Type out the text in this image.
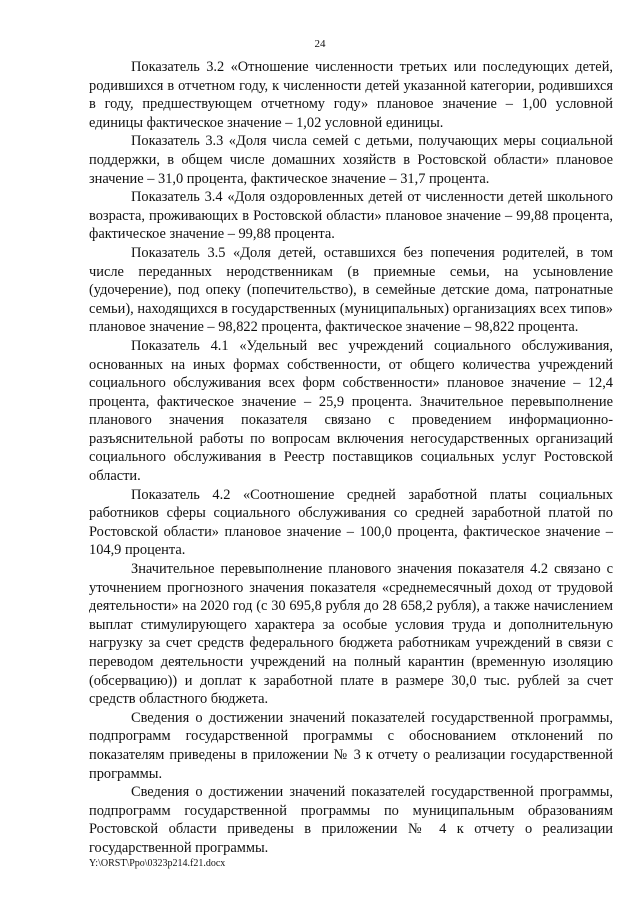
24

Показатель 3.2 «Отношение численности третьих или последующих детей, родившихся в отчетном году, к численности детей указанной категории, родившихся в году, предшествующем отчетному году» плановое значение – 1,00 условной единицы фактическое значение – 1,02 условной единицы.

Показатель 3.3 «Доля числа семей с детьми, получающих меры социальной поддержки, в общем числе домашних хозяйств в Ростовской области» плановое значение – 31,0 процента, фактическое значение – 31,7 процента.

Показатель 3.4 «Доля оздоровленных детей от численности детей школьного возраста, проживающих в Ростовской области» плановое значение – 99,88 процента, фактическое значение – 99,88 процента.

Показатель 3.5 «Доля детей, оставшихся без попечения родителей, в том числе переданных неродственникам (в приемные семьи, на усыновление (удочерение), под опеку (попечительство), в семейные детские дома, патронатные семьи), находящихся в государственных (муниципальных) организациях всех типов» плановое значение – 98,822 процента, фактическое значение – 98,822 процента.

Показатель 4.1 «Удельный вес учреждений социального обслуживания, основанных на иных формах собственности, от общего количества учреждений социального обслуживания всех форм собственности» плановое значение – 12,4 процента, фактическое значение – 25,9 процента. Значительное перевыполнение планового значения показателя связано с проведением информационно-разъяснительной работы по вопросам включения негосударственных организаций социального обслуживания в Реестр поставщиков социальных услуг Ростовской области.

Показатель 4.2 «Соотношение средней заработной платы социальных работников сферы социального обслуживания со средней заработной платой по Ростовской области» плановое значение – 100,0 процента, фактическое значение – 104,9 процента.

Значительное перевыполнение планового значения показателя 4.2 связано с уточнением прогнозного значения показателя «среднемесячный доход от трудовой деятельности» на 2020 год (с 30 695,8 рубля до 28 658,2 рубля), а также начислением выплат стимулирующего характера за особые условия труда и дополнительную нагрузку за счет средств федерального бюджета работникам учреждений в связи с переводом деятельности учреждений на полный карантин (временную изоляцию (обсервацию)) и доплат к заработной плате в размере 30,0 тыс. рублей за счет средств областного бюджета.

Сведения о достижении значений показателей государственной программы, подпрограмм государственной программы с обоснованием отклонений по показателям приведены в приложении № 3 к отчету о реализации государственной программы.

Сведения о достижении значений показателей государственной программы, подпрограмм государственной программы по муниципальным образованиям Ростовской области приведены в приложении № 4 к отчету о реализации государственной программы.

Y:\ORST\Ppo\0323p214.f21.docx
